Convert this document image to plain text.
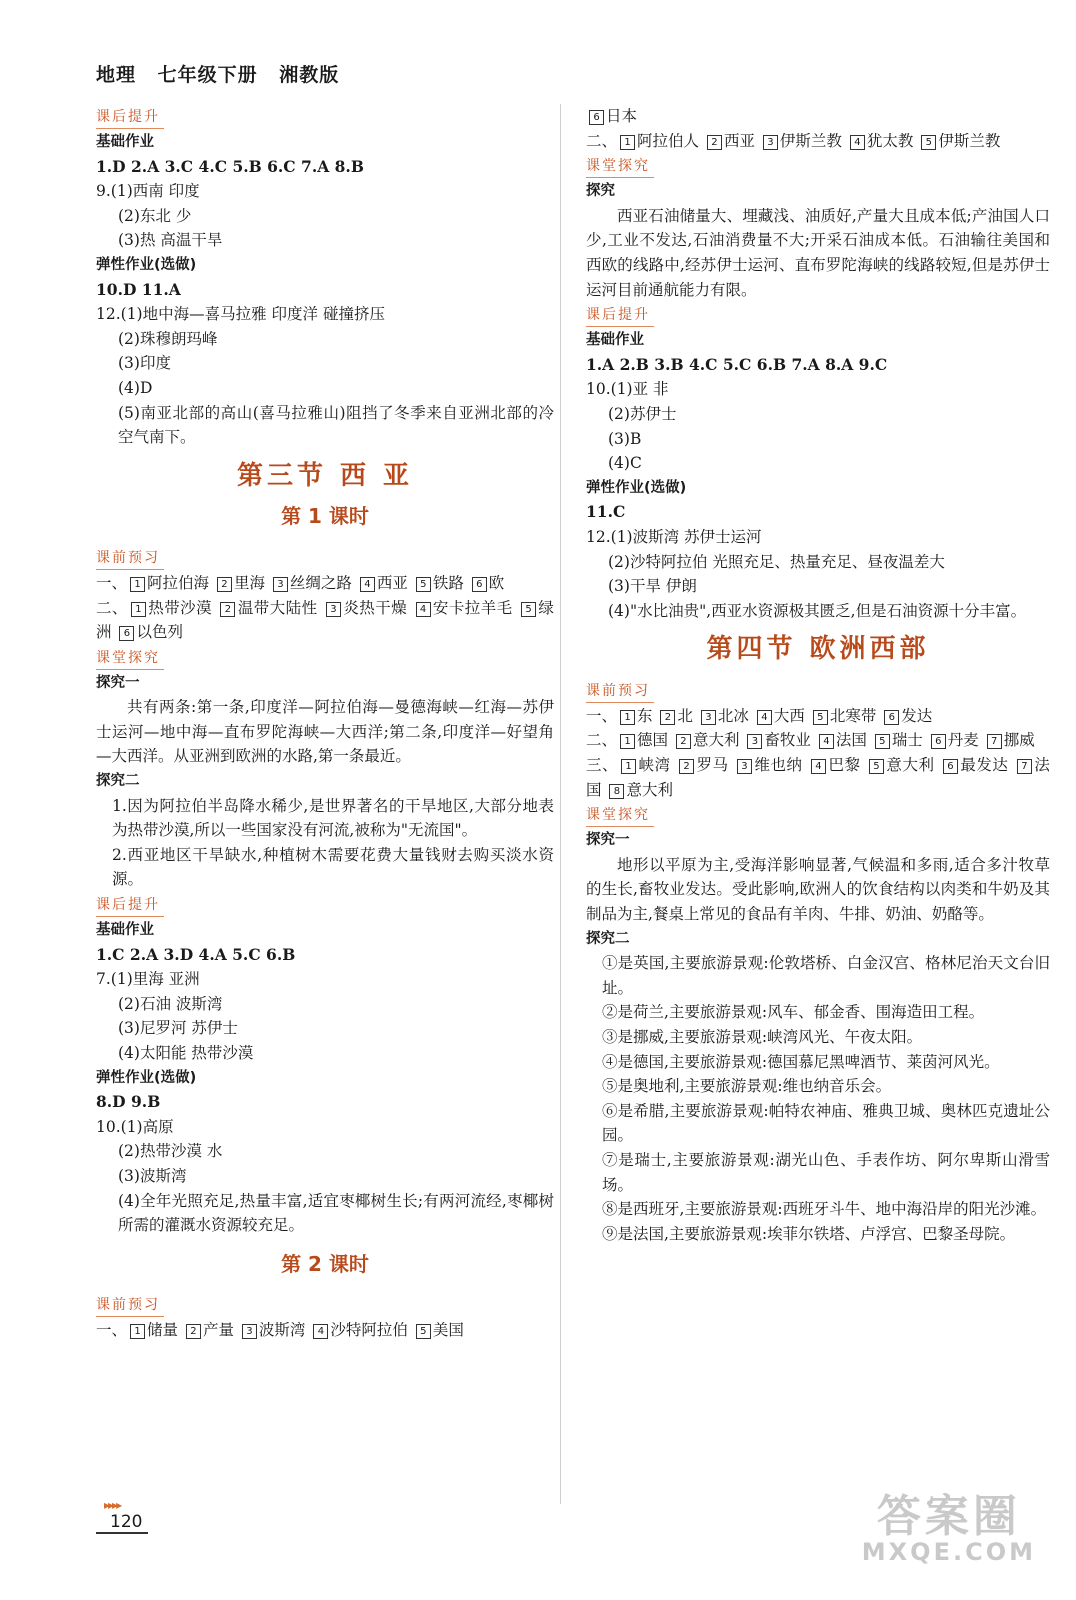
地理 七年级下册 湘教版
课后提升
基础作业
1.D 2.A 3.C 4.C 5.B 6.C 7.A 8.B
9.(1)西南 印度
(2)东北 少
(3)热 高温干旱
弹性作业(选做)
10.D 11.A
12.(1)地中海—喜马拉雅 印度洋 碰撞挤压
(2)珠穆朗玛峰
(3)印度
(4)D
(5)南亚北部的高山(喜马拉雅山)阻挡了冬季来自亚洲北部的冷空气南下。
第三节 西 亚
第 1 课时
课前预习
一、 1 阿拉伯海 2 里海 3 丝绸之路 4 西亚 5 铁路 6 欧
二、 1 热带沙漠 2 温带大陆性 3 炎热干燥 4 安卡拉羊毛 5 绿洲 6 以色列
课堂探究
探究一
共有两条:第一条,印度洋—阿拉伯海—曼德海峡—红海—苏伊士运河—地中海—直布罗陀海峡—大西洋;第二条,印度洋—好望角—大西洋。从亚洲到欧洲的水路,第一条最近。
探究二
1.因为阿拉伯半岛降水稀少,是世界著名的干旱地区,大部分地表为热带沙漠,所以一些国家没有河流,被称为"无流国"。
2.西亚地区干旱缺水,种植树木需要花费大量钱财去购买淡水资源。
课后提升
基础作业
1.C 2.A 3.D 4.A 5.C 6.B
7.(1)里海 亚洲
(2)石油 波斯湾
(3)尼罗河 苏伊士
(4)太阳能 热带沙漠
弹性作业(选做)
8.D 9.B
10.(1)高原
(2)热带沙漠 水
(3)波斯湾
(4)全年光照充足,热量丰富,适宜枣椰树生长;有两河流经,枣椰树所需的灌溉水资源较充足。
第 2 课时
课前预习
一、 1 储量 2 产量 3 波斯湾 4 沙特阿拉伯 5 美国
6 日本
二、 1 阿拉伯人 2 西亚 3 伊斯兰教 4 犹太教 5 伊斯兰教
课堂探究
探究
西亚石油储量大、埋藏浅、油质好,产量大且成本低;产油国人口少,工业不发达,石油消费量不大;开采石油成本低。石油输往美国和西欧的线路中,经苏伊士运河、直布罗陀海峡的线路较短,但是苏伊士运河目前通航能力有限。
课后提升
基础作业
1.A 2.B 3.B 4.C 5.C 6.B 7.A 8.A 9.C
10.(1)亚 非
(2)苏伊士
(3)B
(4)C
弹性作业(选做)
11.C
12.(1)波斯湾 苏伊士运河
(2)沙特阿拉伯 光照充足、热量充足、昼夜温差大
(3)干旱 伊朗
(4)"水比油贵",西亚水资源极其匮乏,但是石油资源十分丰富。
第四节 欧洲西部
课前预习
一、 1 东 2 北 3 北冰 4 大西 5 北寒带 6 发达
二、 1 德国 2 意大利 3 畜牧业 4 法国 5 瑞士 6 丹麦 7 挪威
三、 1 峡湾 2 罗马 3 维也纳 4 巴黎 5 意大利 6 最发达 7 法国 8 意大利
课堂探究
探究一
地形以平原为主,受海洋影响显著,气候温和多雨,适合多汁牧草的生长,畜牧业发达。受此影响,欧洲人的饮食结构以肉类和牛奶及其制品为主,餐桌上常见的食品有羊肉、牛排、奶油、奶酪等。
探究二
①是英国,主要旅游景观:伦敦塔桥、白金汉宫、格林尼治天文台旧址。
②是荷兰,主要旅游景观:风车、郁金香、围海造田工程。
③是挪威,主要旅游景观:峡湾风光、午夜太阳。
④是德国,主要旅游景观:德国慕尼黑啤酒节、莱茵河风光。
⑤是奥地利,主要旅游景观:维也纳音乐会。
⑥是希腊,主要旅游景观:帕特农神庙、雅典卫城、奥林匹克遗址公园。
⑦是瑞士,主要旅游景观:湖光山色、手表作坊、阿尔卑斯山滑雪场。
⑧是西班牙,主要旅游景观:西班牙斗牛、地中海沿岸的阳光沙滩。
⑨是法国,主要旅游景观:埃菲尔铁塔、卢浮宫、巴黎圣母院。
▸▸▸▸
120	答案圈
MXQE.COM
